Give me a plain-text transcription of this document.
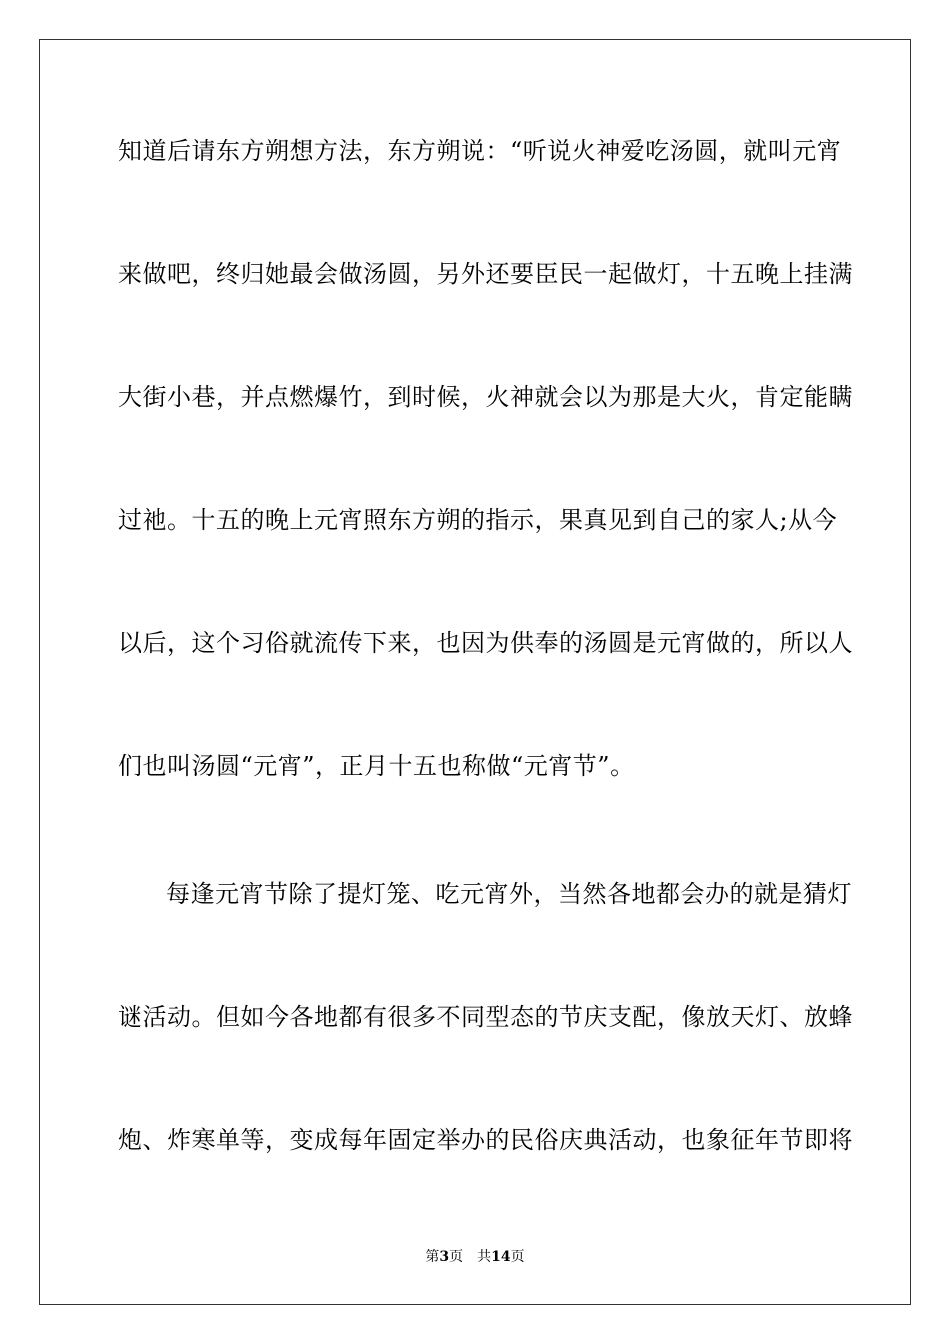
知道后请东方朔想方法，东方朔说：“听说火神爱吃汤圆，就叫元宵
来做吧，终归她最会做汤圆，另外还要臣民一起做灯，十五晚上挂满
大街小巷，并点燃爆竹，到时候，火神就会以为那是大火，肯定能瞒
过祂。十五的晚上元宵照东方朔的指示，果真见到自己的家人;从今
以后，这个习俗就流传下来，也因为供奉的汤圆是元宵做的，所以人
们也叫汤圆“元宵”，正月十五也称做“元宵节”。
每逢元宵节除了提灯笼、吃元宵外，当然各地都会办的就是猜灯
谜活动。但如今各地都有很多不同型态的节庆支配，像放天灯、放蜂
炮、炸寒单等，变成每年固定举办的民俗庆典活动，也象征年节即将
第3页 共14页
